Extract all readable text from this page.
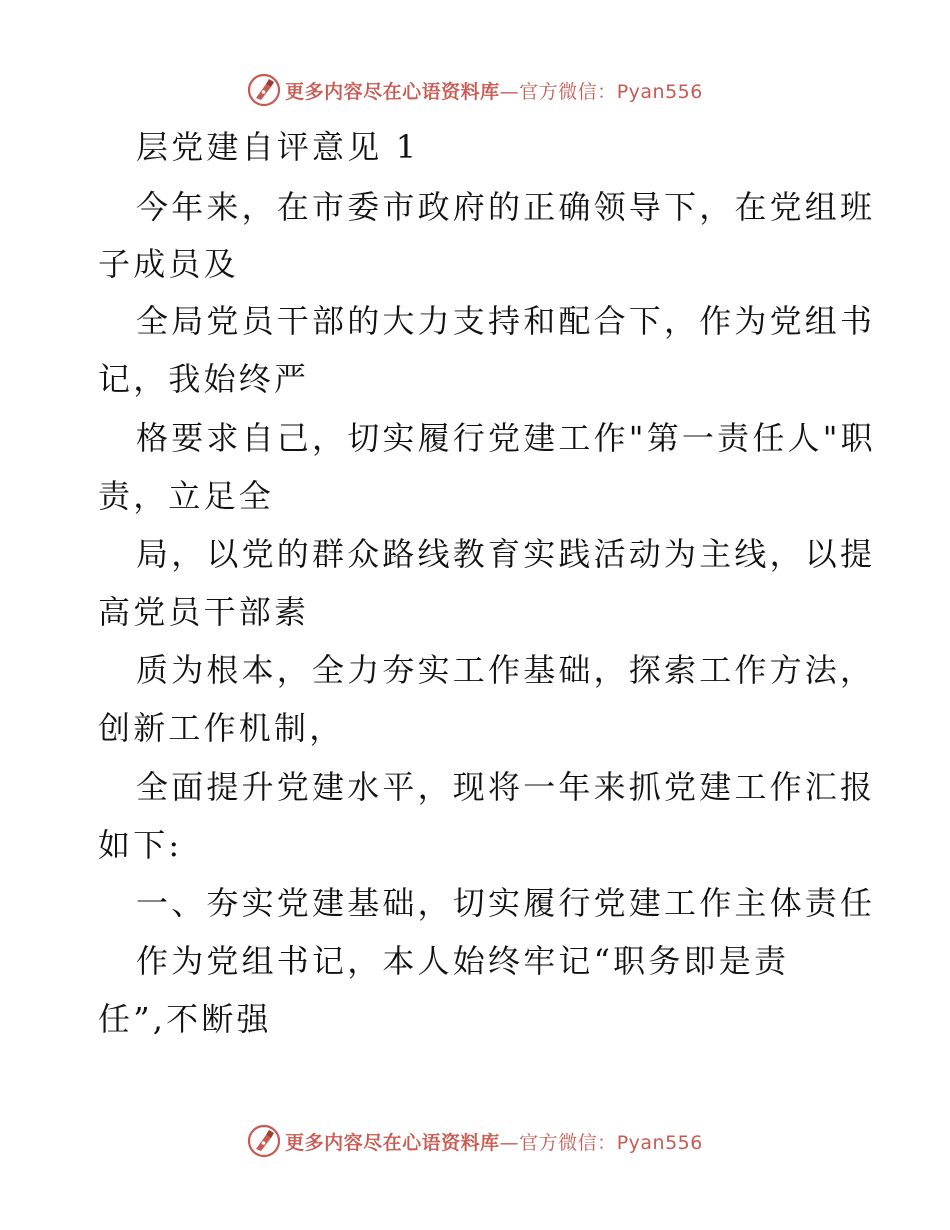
更多内容尽在心语资料库—官方微信：Pyan556
层党建自评意见 1
今年来，在市委市政府的正确领导下，在党组班
子成员及
全局党员干部的大力支持和配合下，作为党组书
记，我始终严
格要求自己，切实履行党建工作"第一责任人"职
责，立足全
局，以党的群众路线教育实践活动为主线，以提
高党员干部素
质为根本，全力夯实工作基础，探索工作方法，
创新工作机制，
全面提升党建水平，现将一年来抓党建工作汇报
如下:
一、夯实党建基础，切实履行党建工作主体责任
作为党组书记，本人始终牢记“职务即是责
任”,不断强
更多内容尽在心语资料库—官方微信：Pyan556
